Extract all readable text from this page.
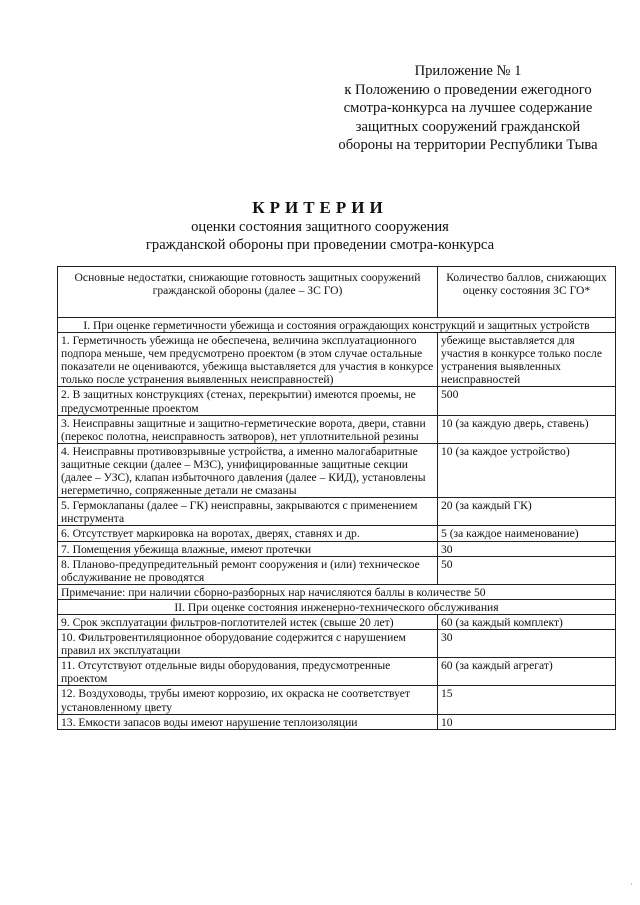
Приложение № 1
к Положению о проведении ежегодного
смотра-конкурса на лучшее содержание
защитных сооружений гражданской
обороны на территории Республики Тыва
КРИТЕРИИ
оценки состояния защитного сооружения
гражданской обороны при проведении смотра-конкурса
Основные недостатки, снижающие готовность защитных сооружений гражданской обороны (далее – ЗС ГО)	Количество баллов, снижающих оценку состояния ЗС ГО*
I. При оценке герметичности убежища и состояния ограждающих конструкций и защитных устройств	
1. Герметичность убежища не обеспечена, величина эксплуатационного подпора меньше, чем предусмотрено проектом (в этом случае остальные показатели не оцениваются, убежища выставляется для участия в конкурсе только после устранения выявленных неисправностей)	убежище выставляется для участия в конкурсе только после устранения выявленных неисправностей
2. В защитных конструкциях (стенах, перекрытии) имеются проемы, не предусмотренные проектом	500
3. Неисправны защитные и защитно-герметические ворота, двери, ставни (перекос полотна, неисправность затворов), нет уплотнительной резины	10 (за каждую дверь, ставень)
4. Неисправны противовзрывные устройства, а именно малогабаритные защитные секции (далее – МЗС), унифицированные защитные секции (далее – УЗС), клапан избыточного давления (далее – КИД), установлены негерметично, сопряженные детали не смазаны	10 (за каждое устройство)
5. Гермоклапаны (далее – ГК) неисправны, закрываются с применением инструмента	20 (за каждый ГК)
6. Отсутствует маркировка на воротах, дверях, ставнях и др.	5 (за каждое наименование)
7. Помещения убежища влажные, имеют протечки	30
8. Планово-предупредительный ремонт сооружения и (или) техническое обслуживание не проводятся	50
Примечание: при наличии сборно-разборных нар начисляются баллы в количестве 50	
II. При оценке состояния инженерно-технического обслуживания	
9. Срок эксплуатации фильтров-поглотителей истек (свыше 20 лет)	60 (за каждый комплект)
10. Фильтровентиляционное оборудование содержится с нарушением правил их эксплуатации	30
11. Отсутствуют отдельные виды оборудования, предусмотренные проектом	60 (за каждый агрегат)
12. Воздуховоды, трубы имеют коррозию, их окраска не соответствует установленному цвету	15
13. Емкости запасов воды имеют нарушение теплоизоляции	10
·
